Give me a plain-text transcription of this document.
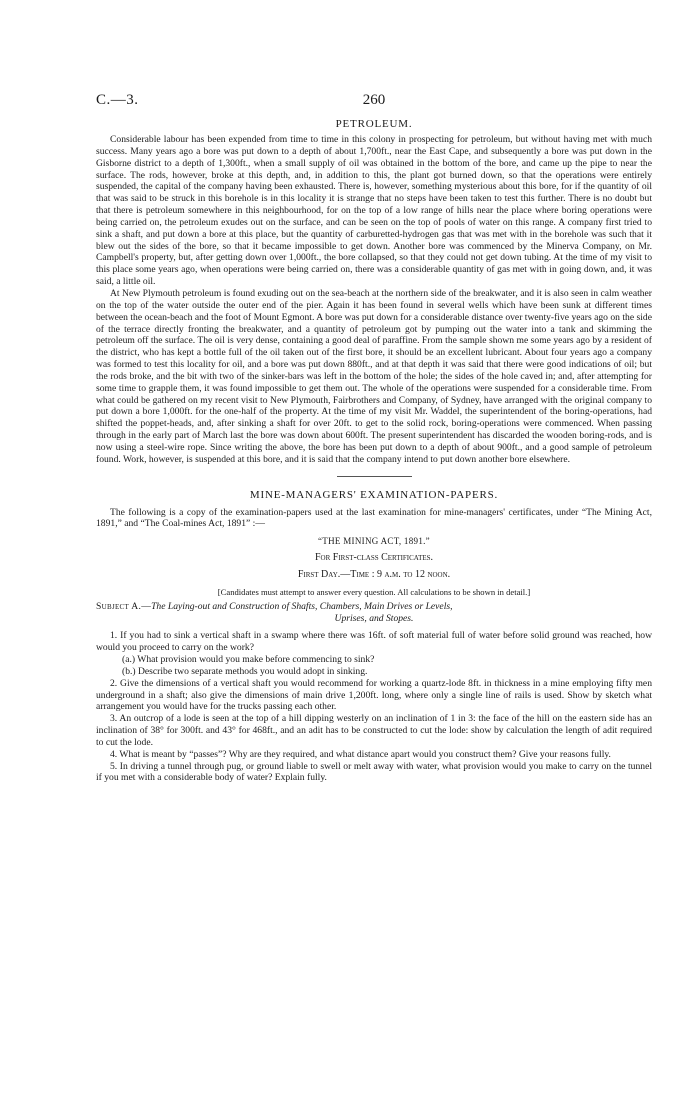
C.—3.	260
PETROLEUM.

Considerable labour has been expended from time to time in this colony in prospecting for petroleum, but without having met with much success. Many years ago a bore was put down to a depth of about 1,700ft., near the East Cape, and subsequently a bore was put down in the Gisborne district to a depth of 1,300ft., when a small supply of oil was obtained in the bottom of the bore, and came up the pipe to near the surface. The rods, however, broke at this depth, and, in addition to this, the plant got burned down, so that the operations were entirely suspended, the capital of the company having been exhausted. There is, however, something mysterious about this bore, for if the quantity of oil that was said to be struck in this borehole is in this locality it is strange that no steps have been taken to test this further. There is no doubt but that there is petroleum somewhere in this neighbourhood, for on the top of a low range of hills near the place where boring operations were being carried on, the petroleum exudes out on the surface, and can be seen on the top of pools of water on this range. A company first tried to sink a shaft, and put down a bore at this place, but the quantity of carburetted-hydrogen gas that was met with in the borehole was such that it blew out the sides of the bore, so that it became impossible to get down. Another bore was commenced by the Minerva Company, on Mr. Campbell's property, but, after getting down over 1,000ft., the bore collapsed, so that they could not get down tubing. At the time of my visit to this place some years ago, when operations were being carried on, there was a considerable quantity of gas met with in going down, and, it was said, a little oil.

At New Plymouth petroleum is found exuding out on the sea-beach at the northern side of the breakwater, and it is also seen in calm weather on the top of the water outside the outer end of the pier. Again it has been found in several wells which have been sunk at different times between the ocean-beach and the foot of Mount Egmont. A bore was put down for a considerable distance over twenty-five years ago on the side of the terrace directly fronting the breakwater, and a quantity of petroleum got by pumping out the water into a tank and skimming the petroleum off the surface. The oil is very dense, containing a good deal of paraffine. From the sample shown me some years ago by a resident of the district, who has kept a bottle full of the oil taken out of the first bore, it should be an excellent lubricant. About four years ago a company was formed to test this locality for oil, and a bore was put down 880ft., and at that depth it was said that there were good indications of oil; but the rods broke, and the bit with two of the sinker-bars was left in the bottom of the hole; the sides of the hole caved in; and, after attempting for some time to grapple them, it was found impossible to get them out. The whole of the operations were suspended for a considerable time. From what could be gathered on my recent visit to New Plymouth, Fairbrothers and Company, of Sydney, have arranged with the original company to put down a bore 1,000ft. for the one-half of the property. At the time of my visit Mr. Waddel, the superintendent of the boring-operations, had shifted the poppet-heads, and, after sinking a shaft for over 20ft. to get to the solid rock, boring-operations were commenced. When passing through in the early part of March last the bore was down about 600ft. The present superintendent has discarded the wooden boring-rods, and is now using a steel-wire rope. Since writing the above, the bore has been put down to a depth of about 900ft., and a good sample of petroleum found. Work, however, is suspended at this bore, and it is said that the company intend to put down another bore elsewhere.

MINE-MANAGERS' EXAMINATION-PAPERS.

The following is a copy of the examination-papers used at the last examination for mine-managers' certificates, under “The Mining Act, 1891,” and “The Coal-mines Act, 1891” :—

“THE MINING ACT, 1891.”
For First-class Certificates.
First Day.—Time : 9 a.m. to 12 noon.

[Candidates must attempt to answer every question. All calculations to be shown in detail.]

Subject A.—The Laying-out and Construction of Shafts, Chambers, Main Drives or Levels,

Uprises, and Stopes.

1. If you had to sink a vertical shaft in a swamp where there was 16ft. of soft material full of water before solid ground was reached, how would you proceed to carry on the work?

(a.) What provision would you make before commencing to sink?

(b.) Describe two separate methods you would adopt in sinking.

2. Give the dimensions of a vertical shaft you would recommend for working a quartz-lode 8ft. in thickness in a mine employing fifty men underground in a shaft; also give the dimensions of main drive 1,200ft. long, where only a single line of rails is used. Show by sketch what arrangement you would have for the trucks passing each other.

3. An outcrop of a lode is seen at the top of a hill dipping westerly on an inclination of 1 in 3: the face of the hill on the eastern side has an inclination of 38° for 300ft. and 43° for 468ft., and an adit has to be constructed to cut the lode: show by calculation the length of adit required to cut the lode.

4. What is meant by “passes”? Why are they required, and what distance apart would you construct them? Give your reasons fully.

5. In driving a tunnel through pug, or ground liable to swell or melt away with water, what provision would you make to carry on the tunnel if you met with a considerable body of water? Explain fully.
